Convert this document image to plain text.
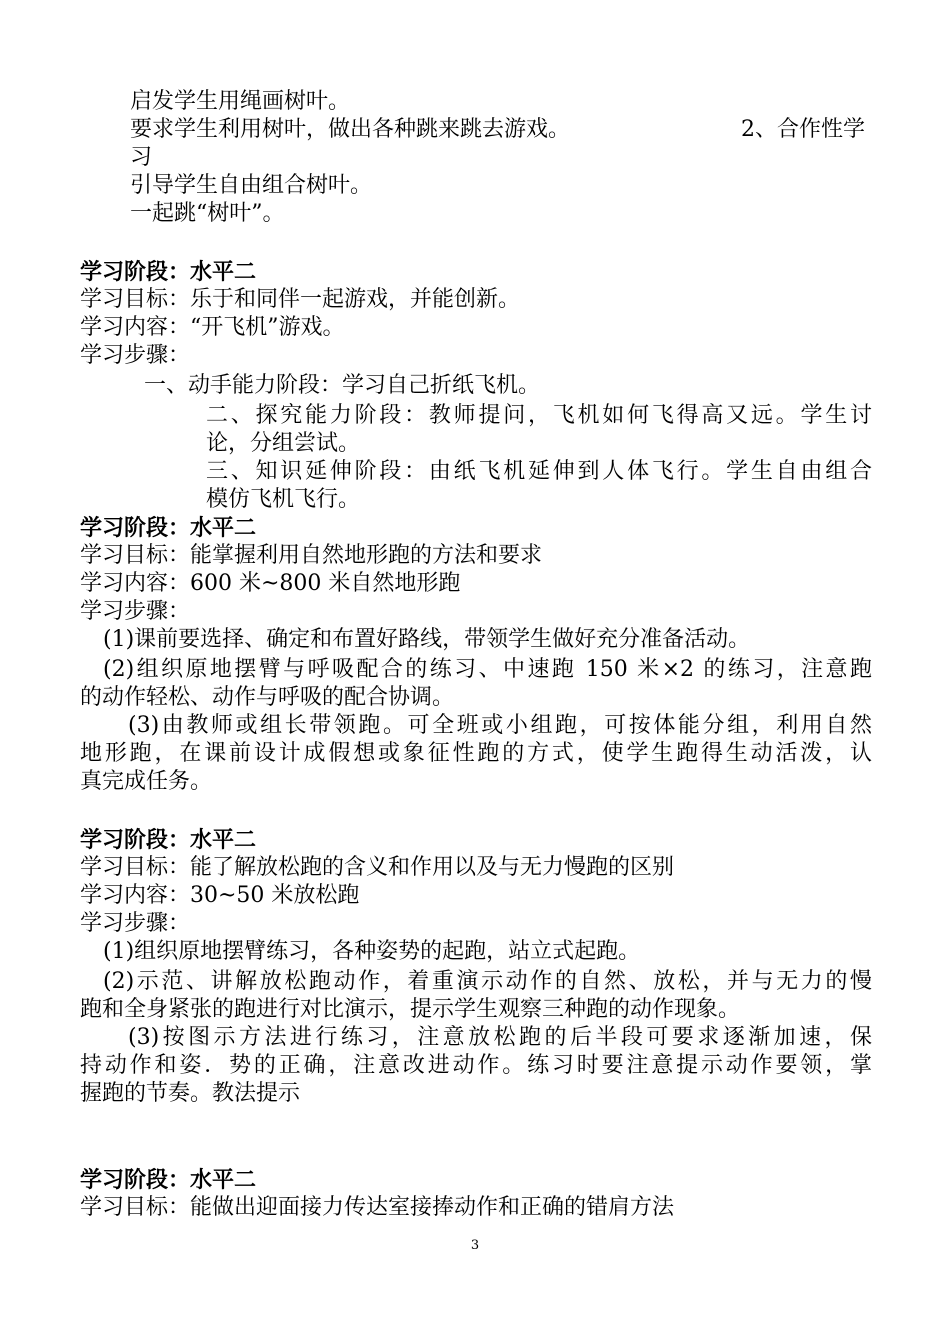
启发学生用绳画树叶。
要求学生利用树叶，做出各种跳来跳去游戏。	2、合作性学
习
引导学生自由组合树叶。
一起跳“树叶”。
学习阶段：水平二
学习目标：乐于和同伴一起游戏，并能创新。
学习内容：“开飞机”游戏。
学习步骤：
一、动手能力阶段：学习自己折纸飞机。
二、探究能力阶段：教师提问，飞机如何飞得高又远。学生讨
论，分组尝试。
三、知识延伸阶段：由纸飞机延伸到人体飞行。学生自由组合
模仿飞机飞行。
学习阶段：水平二
学习目标：能掌握利用自然地形跑的方法和要求
学习内容：600 米~800 米自然地形跑
学习步骤：
(1)课前要选择、确定和布置好路线，带领学生做好充分准备活动。
(2)组织原地摆臂与呼吸配合的练习、中速跑 150 米×2 的练习，注意跑
的动作轻松、动作与呼吸的配合协调。
(3)由教师或组长带领跑。可全班或小组跑，可按体能分组，利用自然
地形跑，在课前设计成假想或象征性跑的方式，使学生跑得生动活泼，认
真完成任务。
学习阶段：水平二
学习目标：能了解放松跑的含义和作用以及与无力慢跑的区别
学习内容：30~50 米放松跑
学习步骤：
(1)组织原地摆臂练习，各种姿势的起跑，站立式起跑。
(2)示范、讲解放松跑动作，着重演示动作的自然、放松，并与无力的慢
跑和全身紧张的跑进行对比演示，提示学生观察三种跑的动作现象。
(3)按图示方法进行练习，注意放松跑的后半段可要求逐渐加速，保
持动作和姿．势的正确，注意改进动作。练习时要注意提示动作要领，掌
握跑的节奏。教法提示
学习阶段：水平二
学习目标：能做出迎面接力传达室接捧动作和正确的错肩方法
3
